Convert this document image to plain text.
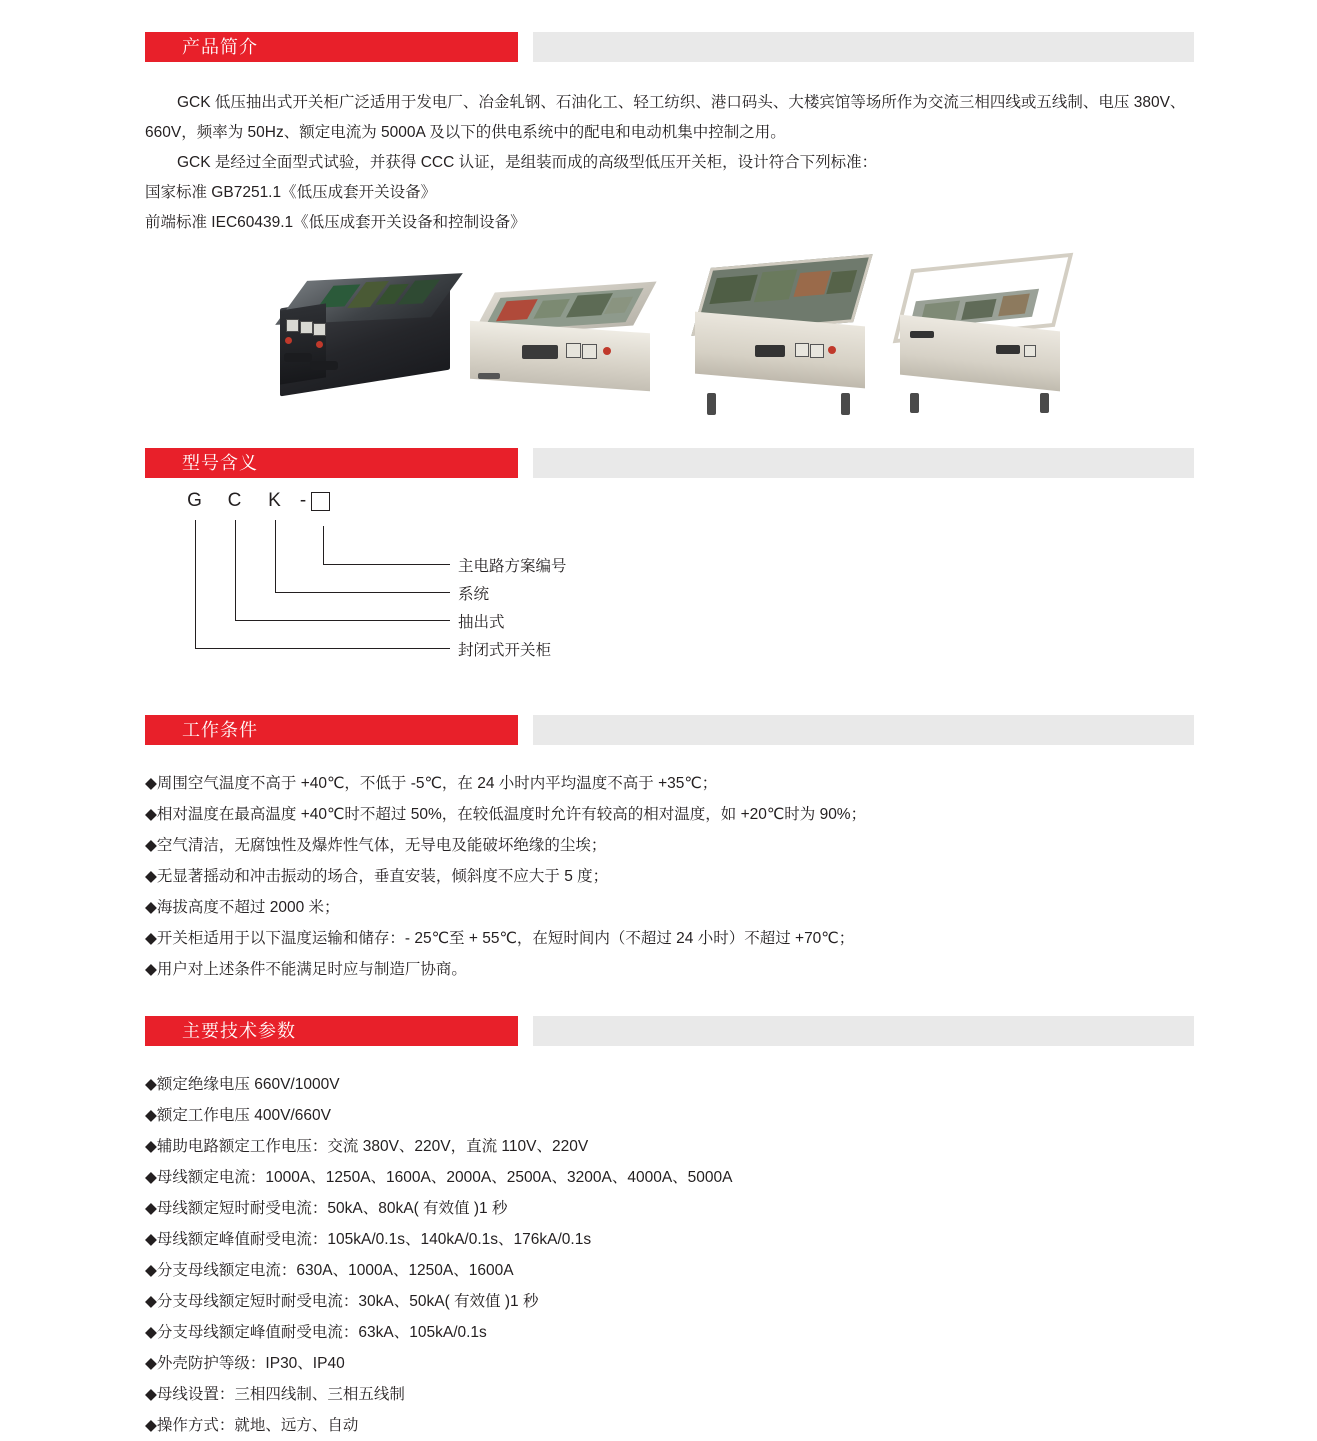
产品简介

GCK 低压抽出式开关柜广泛适用于发电厂、冶金轧钢、石油化工、轻工纺织、港口码头、大楼宾馆等场所作为交流三相四线或五线制、电压 380V、660V，频率为 50Hz、额定电流为 5000A 及以下的供电系统中的配电和电动机集中控制之用。

GCK 是经过全面型式试验，并获得 CCC 认证，是组装而成的高级型低压开关柜，设计符合下列标准：

国家标准 GB7251.1《低压成套开关设备》

前端标准 IEC60439.1《低压成套开关设备和控制设备》

型号含义
G	C	K -
主电路方案编号
系统
抽出式
封闭式开关柜
工作条件
◆周围空气温度不高于 +40℃，不低于 -5℃，在 24 小时内平均温度不高于 +35℃；
◆相对温度在最高温度 +40℃时不超过 50%，在较低温度时允许有较高的相对温度，如 +20℃时为 90%；
◆空气清洁，无腐蚀性及爆炸性气体，无导电及能破坏绝缘的尘埃；
◆无显著摇动和冲击振动的场合，垂直安装，倾斜度不应大于 5 度；
◆海拔高度不超过 2000 米；
◆开关柜适用于以下温度运输和储存：- 25℃至 + 55℃，在短时间内（不超过 24 小时）不超过 +70℃；
◆用户对上述条件不能满足时应与制造厂协商。
主要技术参数
◆额定绝缘电压 660V/1000V
◆额定工作电压 400V/660V
◆辅助电路额定工作电压：交流 380V、220V，直流 110V、220V
◆母线额定电流：1000A、1250A、1600A、2000A、2500A、3200A、4000A、5000A
◆母线额定短时耐受电流：50kA、80kA( 有效值 )1 秒
◆母线额定峰值耐受电流：105kA/0.1s、140kA/0.1s、176kA/0.1s
◆分支母线额定电流：630A、1000A、1250A、1600A
◆分支母线额定短时耐受电流：30kA、50kA( 有效值 )1 秒
◆分支母线额定峰值耐受电流：63kA、105kA/0.1s
◆外壳防护等级：IP30、IP40
◆母线设置：三相四线制、三相五线制
◆操作方式：就地、远方、自动
